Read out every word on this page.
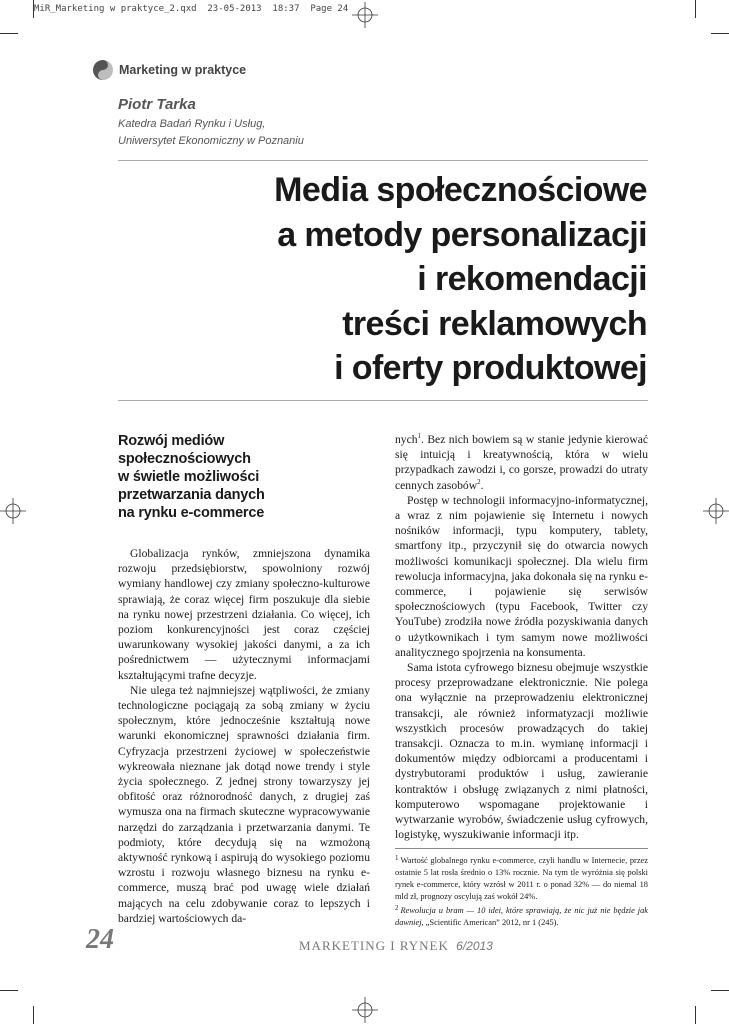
MiR_Marketing w praktyce_2.qxd  23-05-2013  18:37  Page 24
Marketing w praktyce
Piotr Tarka
Katedra Badań Rynku i Usług,
Uniwersytet Ekonomiczny w Poznaniu
Media społecznościowe
a metody personalizacji
i rekomendacji
treści reklamowych
i oferty produktowej
Rozwój mediów
społecznościowych
w świetle możliwości
przetwarzania danych
na rynku e-commerce

Globalizacja rynków, zmniejszona dynamika rozwoju przedsiębiorstw, spowolniony rozwój wymiany handlowej czy zmiany społeczno-kulturowe sprawiają, że coraz więcej firm poszukuje dla siebie na rynku nowej przestrzeni działania. Co więcej, ich poziom konkurencyjności jest coraz częściej uwarunkowany wysokiej jakości danymi, a za ich pośrednictwem — użytecznymi informacjami kształtującymi trafne decyzje.

Nie ulega też najmniejszej wątpliwości, że zmiany technologiczne pociągają za sobą zmiany w życiu społecznym, które jednocześnie kształtują nowe warunki ekonomicznej sprawności działania firm. Cyfryzacja przestrzeni życiowej w społeczeństwie wykreowała nieznane jak dotąd nowe trendy i style życia społecznego. Z jednej strony towarzyszy jej obfitość oraz różnorodność danych, z drugiej zaś wymusza ona na firmach skuteczne wypracowywanie narzędzi do zarządzania i przetwarzania danymi. Te podmioty, które decydują się na wzmożoną aktywność rynkową i aspirują do wysokiego poziomu wzrostu i rozwoju własnego biznesu na rynku e-commerce, muszą brać pod uwagę wiele działań mających na celu zdobywanie coraz to lepszych i bardziej wartościowych da-

nych$^1$. Bez nich bowiem są w stanie jedynie kierować się intuicją i kreatywnością, która w wielu przypadkach zawodzi i, co gorsze, prowadzi do utraty cennych zasobów$^2$.

Postęp w technologii informacyjno-informatycznej, a wraz z nim pojawienie się Internetu i nowych nośników informacji, typu komputery, tablety, smartfony itp., przyczynił się do otwarcia nowych możliwości komunikacji społecznej. Dla wielu firm rewolucja informacyjna, jaka dokonała się na rynku e-commerce, i pojawienie się serwisów społecznościowych (typu Facebook, Twitter czy YouTube) zrodziła nowe źródła pozyskiwania danych o użytkownikach i tym samym nowe możliwości analitycznego spojrzenia na konsumenta.

Sama istota cyfrowego biznesu obejmuje wszystkie procesy przeprowadzane elektronicznie. Nie polega ona wyłącznie na przeprowadzeniu elektronicznej transakcji, ale również informatyzacji możliwie wszystkich procesów prowadzących do takiej transakcji. Oznacza to m.in. wymianę informacji i dokumentów między odbiorcami a producentami i dystrybutorami produktów i usług, zawieranie kontraktów i obsługę związanych z nimi płatności, komputerowo wspomagane projektowanie i wytwarzanie wyrobów, świadczenie usług cyfrowych, logistykę, wyszukiwanie informacji itp.

$^1$ Wartość globalnego rynku e-commerce, czyli handlu w Internecie, przez ostatnie 5 lat rosła średnio o 13% rocznie. Na tym tle wyróżnia się polski rynek e-commerce, który wzrósł w 2011 r. o ponad 32% — do niemal 18 mld zł, prognozy oscylują zaś wokół 24%.

$^2$ Rewolucja u bram — 10 idei, które sprawiają, że nic już nie będzie jak dawniej, „Scientific American” 2012, nr 1 (245).

24	MARKETING I RYNEK 6/2013
